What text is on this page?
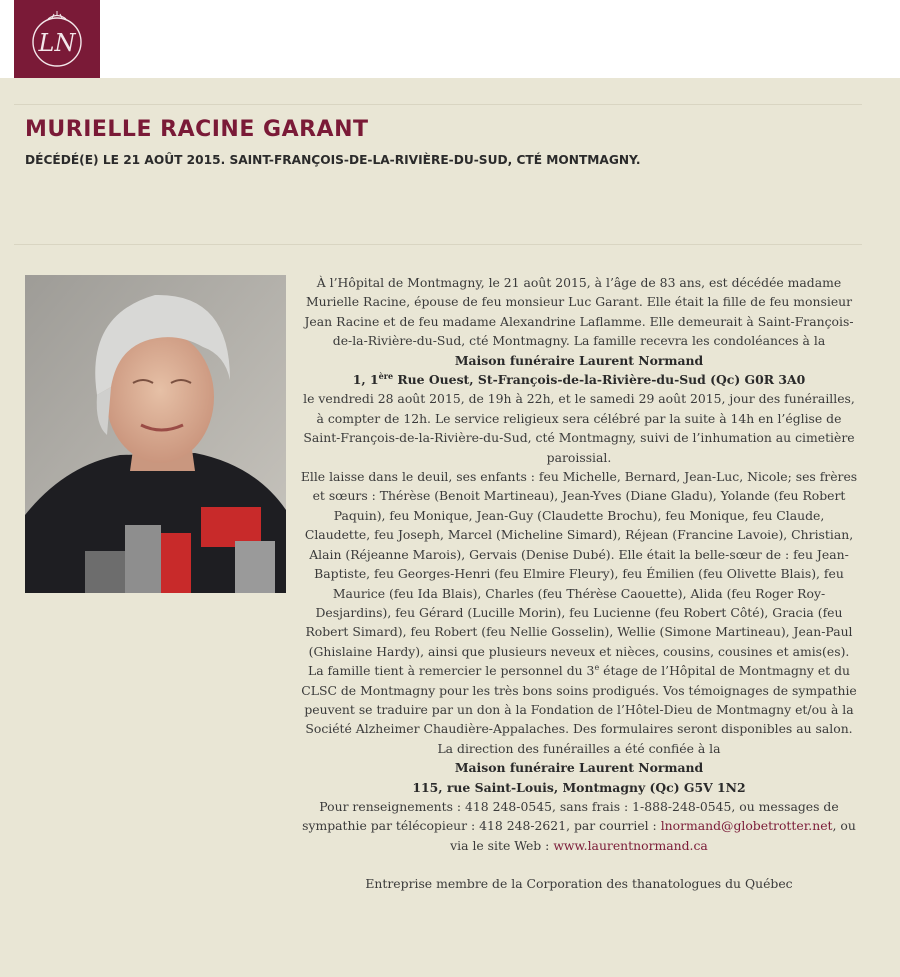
LN
MURIELLE RACINE GARANT
DÉCÉDÉ(E) LE 21 AOÛT 2015. SAINT-FRANÇOIS-DE-LA-RIVIÈRE-DU-SUD, CTÉ MONTMAGNY.

À l’Hôpital de Montmagny, le 21 août 2015, à l’âge de 83 ans, est décédée madame Murielle Racine, épouse de feu monsieur Luc Garant. Elle était la fille de feu monsieur Jean Racine et de feu madame Alexandrine Laflamme. Elle demeurait à Saint-François-de-la-Rivière-du-Sud, cté Montmagny. La famille recevra les condoléances à la

Maison funéraire Laurent Normand

1, 1ère Rue Ouest, St-François-de-la-Rivière-du-Sud (Qc) G0R 3A0

le vendredi 28 août 2015, de 19h à 22h, et le samedi 29 août 2015, jour des funérailles, à compter de 12h. Le service religieux sera célébré par la suite à 14h en l’église de Saint-François-de-la-Rivière-du-Sud, cté Montmagny, suivi de l’inhumation au cimetière paroissial.

Elle laisse dans le deuil, ses enfants : feu Michelle, Bernard, Jean-Luc, Nicole; ses frères et sœurs : Thérèse (Benoit Martineau), Jean-Yves (Diane Gladu), Yolande (feu Robert Paquin), feu Monique, Jean-Guy (Claudette Brochu), feu Monique, feu Claude, Claudette, feu Joseph, Marcel (Micheline Simard), Réjean (Francine Lavoie), Christian, Alain (Réjeanne Marois), Gervais (Denise Dubé). Elle était la belle-sœur de : feu Jean-Baptiste, feu Georges-Henri (feu Elmire Fleury), feu Émilien (feu Olivette Blais), feu Maurice (feu Ida Blais), Charles (feu Thérèse Caouette), Alida (feu Roger Roy-Desjardins), feu Gérard (Lucille Morin), feu Lucienne (feu Robert Côté), Gracia (feu Robert Simard), feu Robert (feu Nellie Gosselin), Wellie (Simone Martineau), Jean-Paul (Ghislaine Hardy), ainsi que plusieurs neveux et nièces, cousins, cousines et amis(es). La famille tient à remercier le personnel du 3e étage de l’Hôpital de Montmagny et du CLSC de Montmagny pour les très bons soins prodigués. Vos témoignages de sympathie peuvent se traduire par un don à la Fondation de l’Hôtel-Dieu de Montmagny et/ou à la Société Alzheimer Chaudière-Appalaches. Des formulaires seront disponibles au salon. La direction des funérailles a été confiée à la

Maison funéraire Laurent Normand

115, rue Saint-Louis, Montmagny (Qc) G5V 1N2

Pour renseignements : 418 248-0545, sans frais : 1-888-248-0545, ou messages de sympathie par télécopieur : 418 248-2621, par courriel : lnormand@globetrotter.net, ou via le site Web : www.laurentnormand.ca

Entreprise membre de la Corporation des thanatologues du Québec
